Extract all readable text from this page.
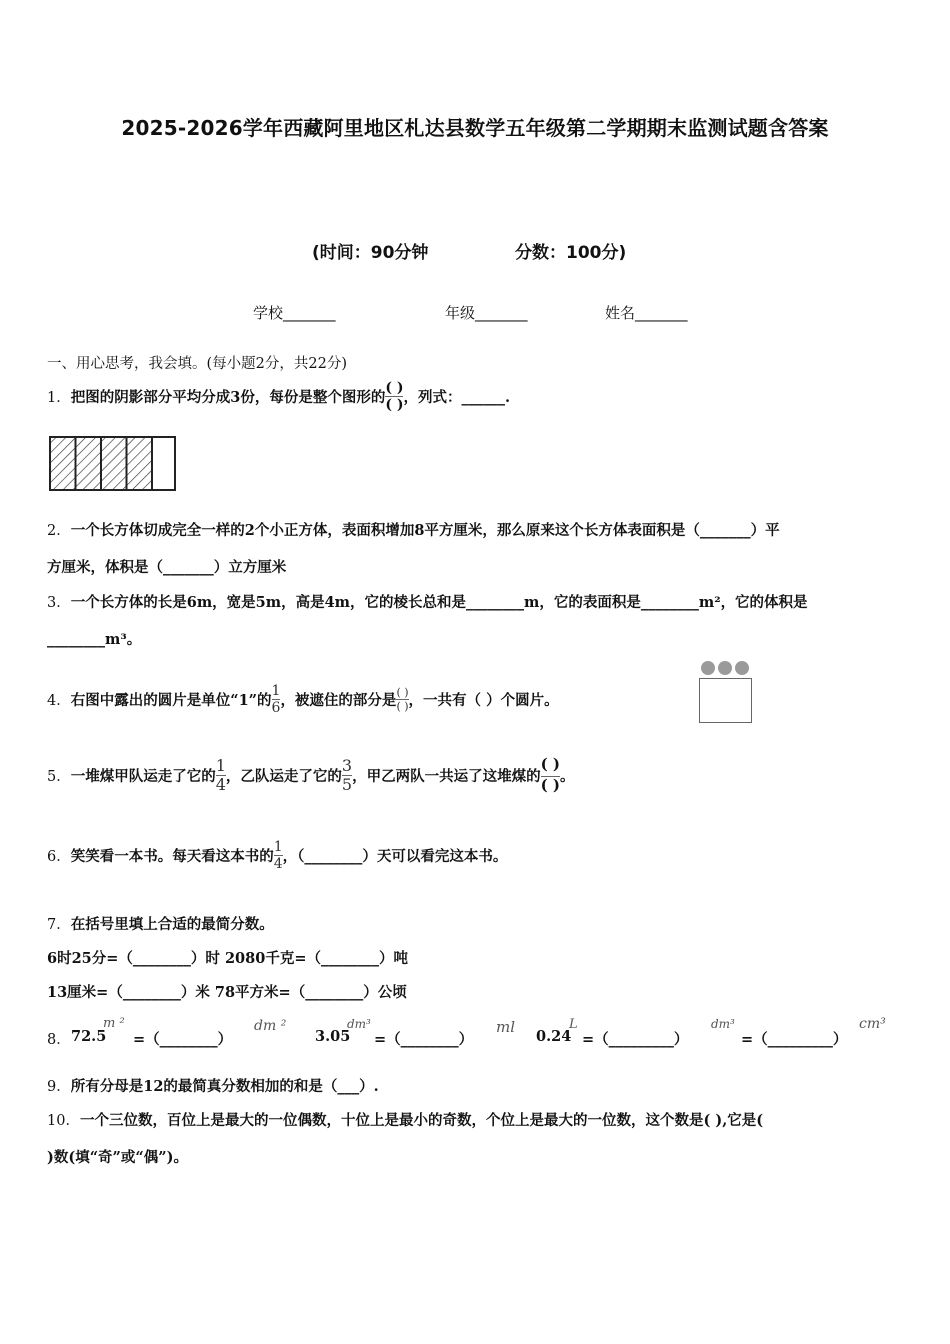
2025-2026学年西藏阿里地区札达县数学五年级第二学期期末监测试题含答案
(时间：90分钟	分数：100分)
学校_______	年级_______	姓名_______
一、用心思考，我会填。(每小题2分，共22分)
1． 把图的阴影部分平均分成3份，每份是整个图形的 $\frac{( )}{( )}$ ，列式：______.
2．一个长方体切成完全一样的2个小正方体，表面积增加8平方厘米，那么原来这个长方体表面积是（_______）平
方厘米，体积是（_______）立方厘米
3．一个长方体的长是6m，宽是5m，高是4m，它的棱长总和是________m，它的表面积是________m²，它的体积是
________m³。
4． 右图中露出的圆片是单位“1”的 $\frac{1}{6}$ ，被遮住的部分是 $\frac{( )}{( )}$ ，一共有（ ）个圆片。
5． 一堆煤甲队运走了它的 $\frac{1}{4}$ ，乙队运走了它的 $\frac{3}{5}$ ，甲乙两队一共运了这堆煤的 $\frac{( )}{( )}$ 。
6． 笑笑看一本书。每天看这本书的 $\frac{1}{4}$ ，（________）天可以看完这本书。
7．在括号里填上合适的最简分数。
6时25分=（________）时 2080千克=（________）吨
13厘米=（________）米 78平方米=（________）公顷
8． 72.5
m ²
=（________）
dm ²
3.05
dm³
=（________）
ml
0.24
L
=（_________）
dm³
=（_________）
cm³
9．所有分母是12的最简真分数相加的和是（___）.
10．一个三位数，百位上是最大的一位偶数，十位上是最小的奇数，个位上是最大的一位数，这个数是( ),它是(
)数(填“奇”或“偶”)。
